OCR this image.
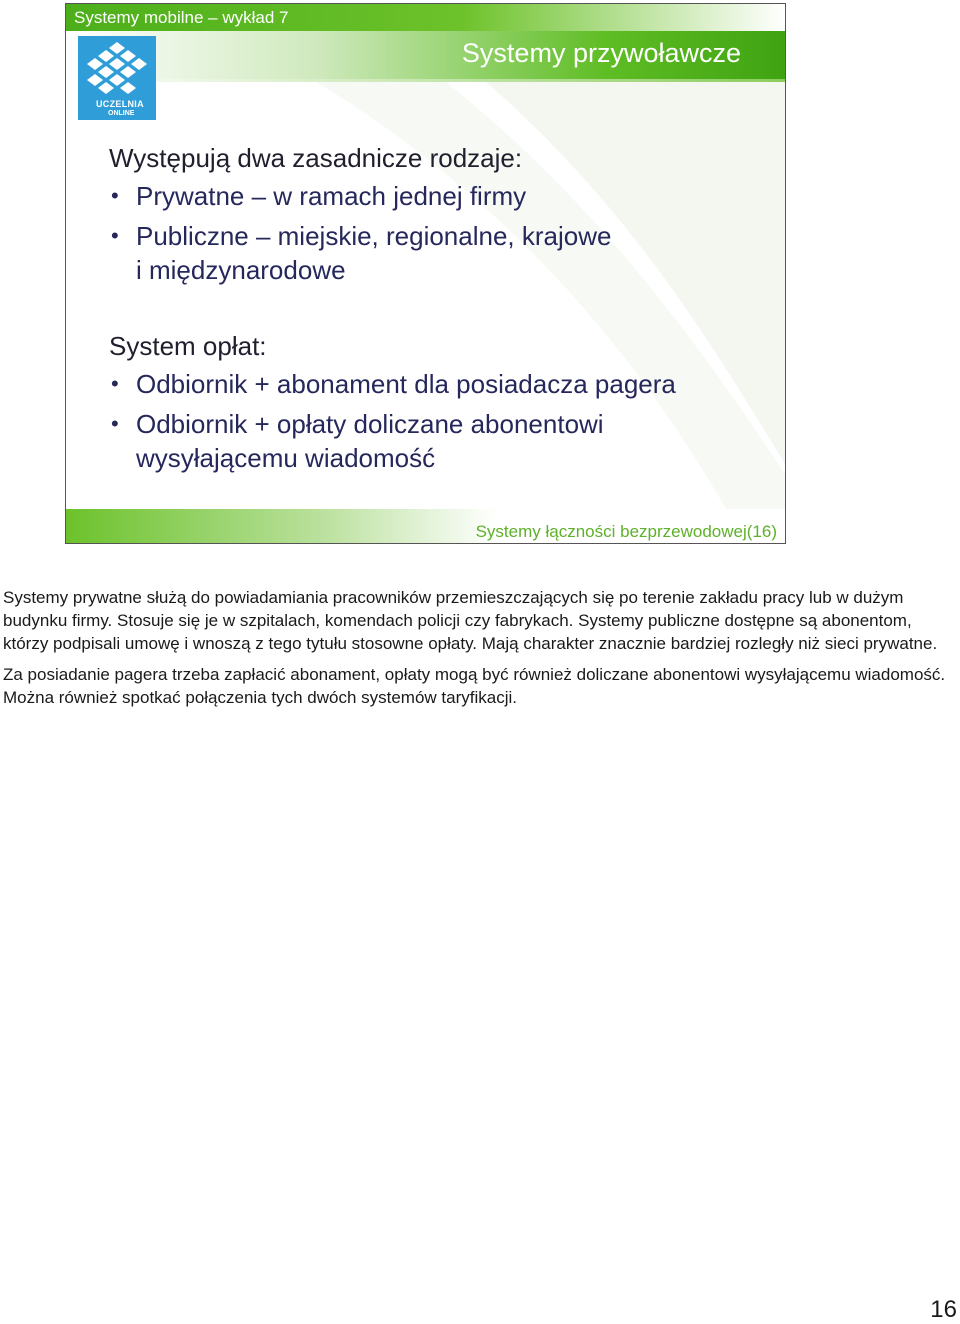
Systemy mobilne – wykład 7
Systemy przywoławcze
UCZELNIA
ONLINE
Występują dwa zasadnicze rodzaje:
• Prywatne – w ramach jednej firmy
• Publiczne – miejskie, regionalne, krajowe
i międzynarodowe
System opłat:
• Odbiornik + abonament dla posiadacza pagera
• Odbiornik + opłaty doliczane abonentowi
wysyłającemu wiadomość
Systemy łączności bezprzewodowej(16)

Systemy prywatne służą do powiadamiania pracowników przemieszczających się po terenie zakładu pracy lub w dużym budynku firmy. Stosuje się je w szpitalach, komendach policji czy fabrykach. Systemy publiczne dostępne są abonentom, którzy podpisali umowę i wnoszą z tego tytułu stosowne opłaty. Mają charakter znacznie bardziej rozległy niż sieci prywatne.

Za posiadanie pagera trzeba zapłacić abonament, opłaty mogą być również doliczane abonentowi wysyłającemu wiadomość. Można również spotkać połączenia tych dwóch systemów taryfikacji.

16
